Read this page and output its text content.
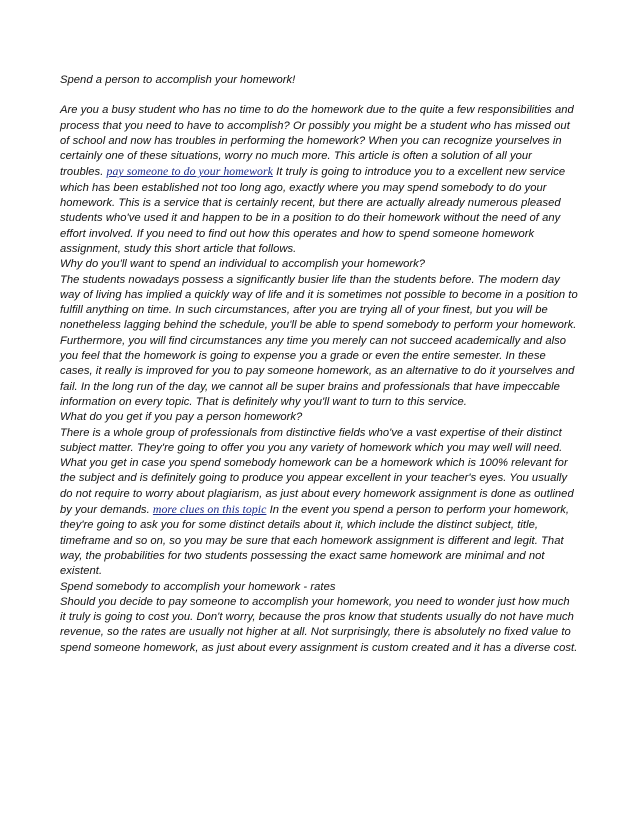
Spend a person to accomplish your homework!

Are you a busy student who has no time to do the homework due to the quite a few responsibilities and process that you need to have to accomplish? Or possibly you might be a student who has missed out of school and now has troubles in performing the homework? When you can recognize yourselves in certainly one of these situations, worry no much more. This article is often a solution of all your troubles. pay someone to do your homework It truly is going to introduce you to a excellent new service which has been established not too long ago, exactly where you may spend somebody to do your homework. This is a service that is certainly recent, but there are actually already numerous pleased students who've used it and happen to be in a position to do their homework without the need of any effort involved. If you need to find out how this operates and how to spend someone homework assignment, study this short article that follows.

Why do you'll want to spend an individual to accomplish your homework?

The students nowadays possess a significantly busier life than the students before. The modern day way of living has implied a quickly way of life and it is sometimes not possible to become in a position to fulfill anything on time. In such circumstances, after you are trying all of your finest, but you will be nonetheless lagging behind the schedule, you'll be able to spend somebody to perform your homework. Furthermore, you will find circumstances any time you merely can not succeed academically and also you feel that the homework is going to expense you a grade or even the entire semester. In these cases, it really is improved for you to pay someone homework, as an alternative to do it yourselves and fail. In the long run of the day, we cannot all be super brains and professionals that have impeccable information on every topic. That is definitely why you'll want to turn to this service.

What do you get if you pay a person homework?

There is a whole group of professionals from distinctive fields who've a vast expertise of their distinct subject matter. They're going to offer you you any variety of homework which you may well will need. What you get in case you spend somebody homework can be a homework which is 100% relevant for the subject and is definitely going to produce you appear excellent in your teacher's eyes. You usually do not require to worry about plagiarism, as just about every homework assignment is done as outlined by your demands. more clues on this topic In the event you spend a person to perform your homework, they're going to ask you for some distinct details about it, which include the distinct subject, title, timeframe and so on, so you may be sure that each homework assignment is different and legit. That way, the probabilities for two students possessing the exact same homework are minimal and not existent.

Spend somebody to accomplish your homework - rates

Should you decide to pay someone to accomplish your homework, you need to wonder just how much it truly is going to cost you. Don't worry, because the pros know that students usually do not have much revenue, so the rates are usually not higher at all. Not surprisingly, there is absolutely no fixed value to spend someone homework, as just about every assignment is custom created and it has a diverse cost.
